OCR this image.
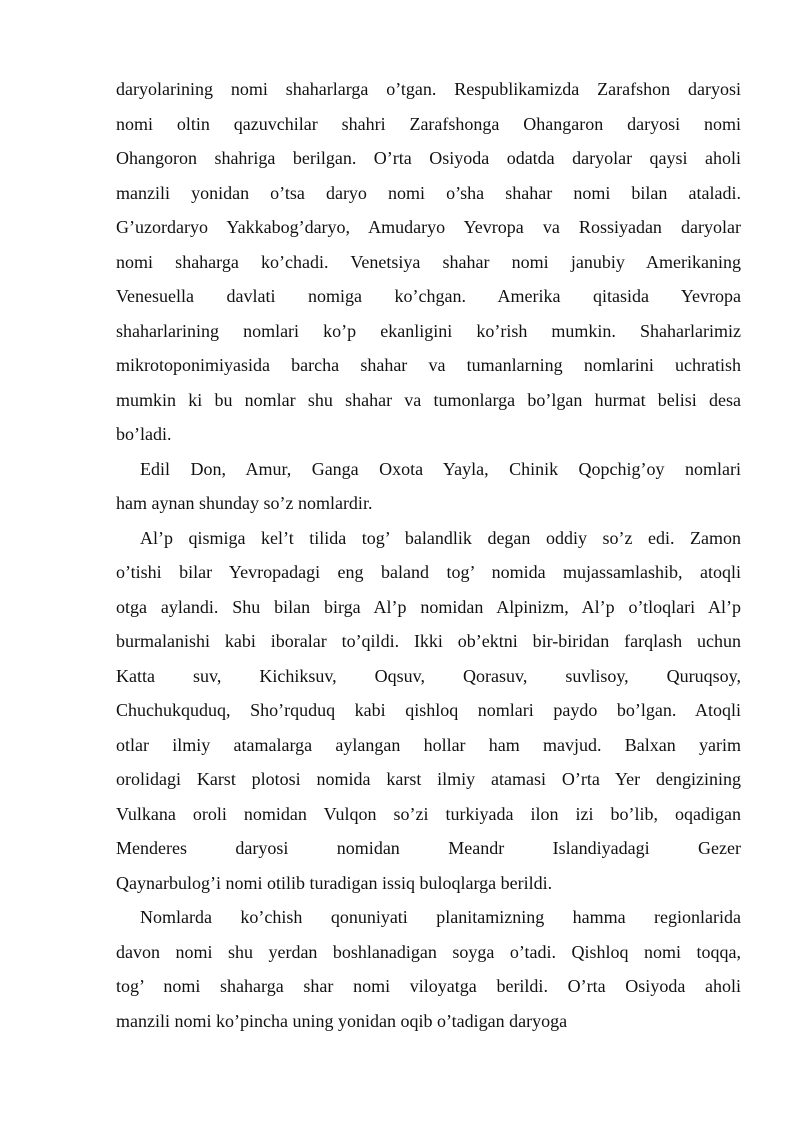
daryolarining nomi shaharlarga o’tgan. Respublikamizda Zarafshon daryosi
nomi oltin qazuvchilar shahri Zarafshonga Ohangaron daryosi nomi
Ohangoron shahriga berilgan. O’rta Osiyoda odatda daryolar qaysi aholi
manzili yonidan o’tsa daryo nomi o’sha shahar nomi bilan ataladi.
G’uzordaryo Yakkabog’daryo, Amudaryo Yevropa va Rossiyadan daryolar
nomi shaharga ko’chadi. Venetsiya shahar nomi janubiy Amerikaning
Venesuella davlati nomiga ko’chgan. Amerika qitasida Yevropa
shaharlarining nomlari ko’p ekanligini ko’rish mumkin. Shaharlarimiz
mikrotoponimiyasida barcha shahar va tumanlarning nomlarini uchratish
mumkin ki bu nomlar shu shahar va tumonlarga bo’lgan hurmat belisi desa
bo’ladi.
Edil Don, Amur, Ganga Oxota Yayla, Chinik Qopchig’oy nomlari
ham aynan shunday so’z nomlardir.
Al’p qismiga kel’t tilida tog’ balandlik degan oddiy so’z edi. Zamon
o’tishi bilar Yevropadagi eng baland tog’ nomida mujassamlashib, atoqli
otga aylandi. Shu bilan birga Al’p nomidan Alpinizm, Al’p o’tloqlari Al’p
burmalanishi kabi iboralar to’qildi. Ikki ob’ektni bir-biridan farqlash uchun
Katta suv, Kichiksuv, Oqsuv, Qorasuv, suvlisoy, Quruqsoy,
Chuchukquduq, Sho’rquduq kabi qishloq nomlari paydo bo’lgan. Atoqli
otlar ilmiy atamalarga aylangan hollar ham mavjud. Balxan yarim
orolidagi Karst plotosi nomida karst ilmiy atamasi O’rta Yer dengizining
Vulkana oroli nomidan Vulqon so’zi turkiyada ilon izi bo’lib, oqadigan
Menderes daryosi nomidan Meandr Islandiyadagi Gezer
Qaynarbulog’i nomi otilib turadigan issiq buloqlarga berildi.
Nomlarda ko’chish qonuniyati planitamizning hamma regionlarida
davon nomi shu yerdan boshlanadigan soyga o’tadi. Qishloq nomi toqqa,
tog’ nomi shaharga shar nomi viloyatga berildi. O’rta Osiyoda aholi
manzili nomi ko’pincha uning yonidan oqib o’tadigan daryoga
